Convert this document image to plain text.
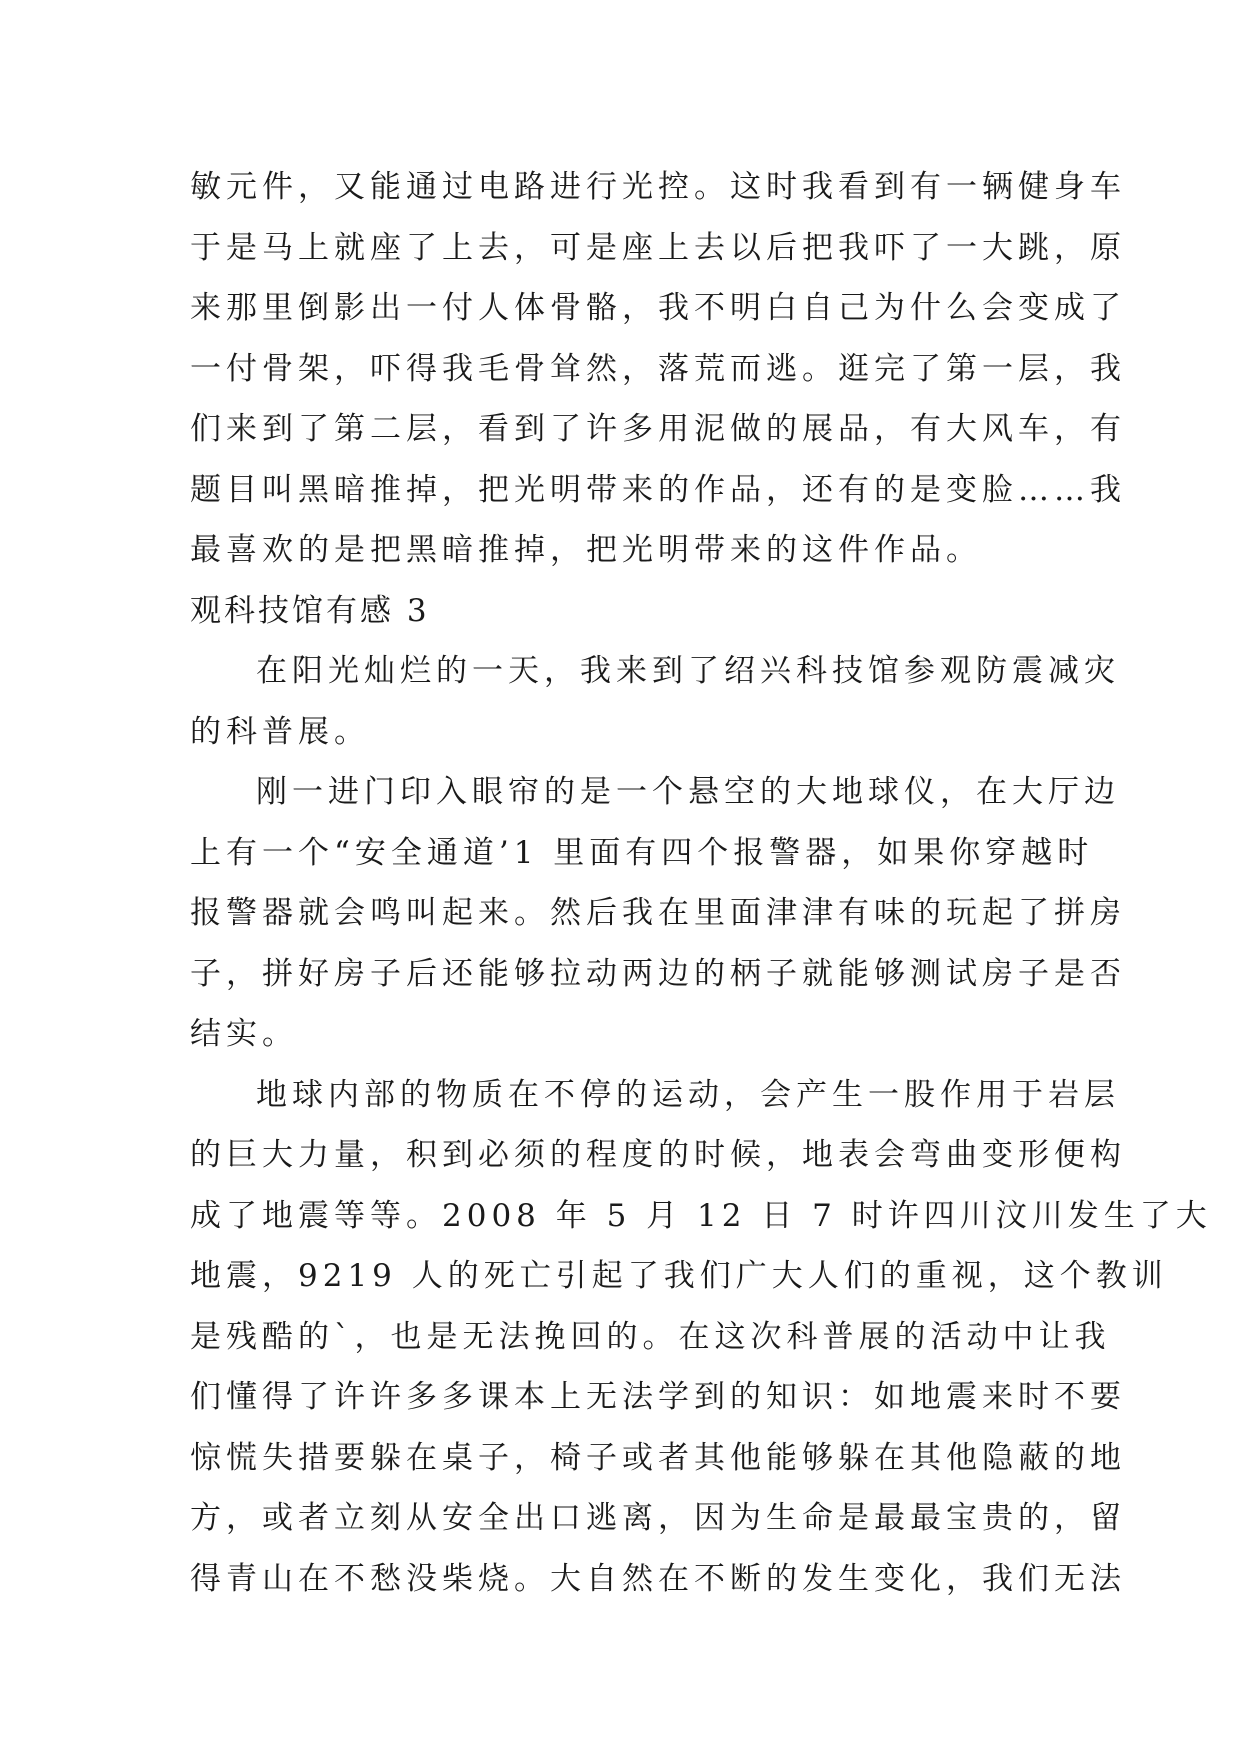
敏元件，又能通过电路进行光控。这时我看到有一辆健身车
于是马上就座了上去，可是座上去以后把我吓了一大跳，原
来那里倒影出一付人体骨骼，我不明白自己为什么会变成了
一付骨架，吓得我毛骨耸然，落荒而逃。逛完了第一层，我
们来到了第二层，看到了许多用泥做的展品，有大风车，有
题目叫黑暗推掉，把光明带来的作品，还有的是变脸……我
最喜欢的是把黑暗推掉，把光明带来的这件作品。
观科技馆有感 3
在阳光灿烂的一天，我来到了绍兴科技馆参观防震减灾
的科普展。
刚一进门印入眼帘的是一个悬空的大地球仪，在大厅边
上有一个“安全通道’1 里面有四个报警器，如果你穿越时
报警器就会鸣叫起来。然后我在里面津津有味的玩起了拼房
子，拼好房子后还能够拉动两边的柄子就能够测试房子是否
结实。
地球内部的物质在不停的运动，会产生一股作用于岩层
的巨大力量，积到必须的程度的时候，地表会弯曲变形便构
成了地震等等。2008 年 5 月 12 日 7 时许四川汶川发生了大
地震，9219 人的死亡引起了我们广大人们的重视，这个教训
是残酷的`，也是无法挽回的。在这次科普展的活动中让我
们懂得了许许多多课本上无法学到的知识：如地震来时不要
惊慌失措要躲在桌子，椅子或者其他能够躲在其他隐蔽的地
方，或者立刻从安全出口逃离，因为生命是最最宝贵的，留
得青山在不愁没柴烧。大自然在不断的发生变化，我们无法
